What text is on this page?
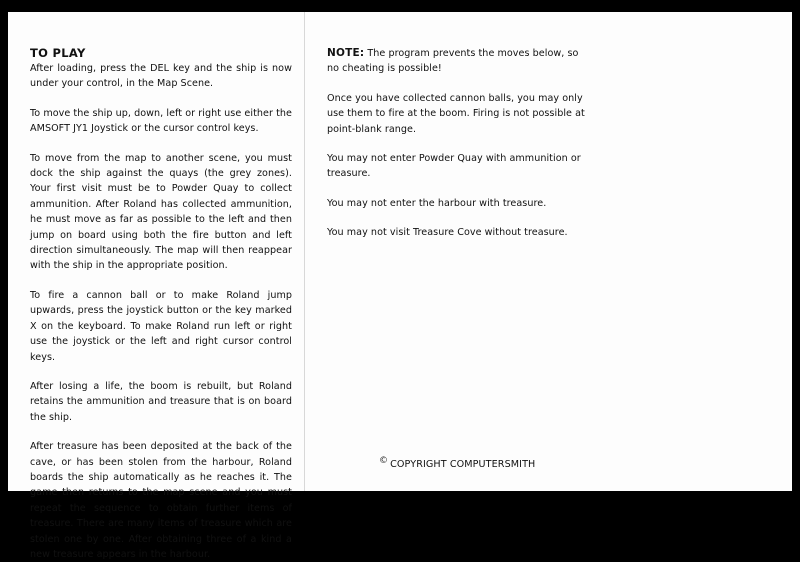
TO PLAY

After loading, press the DEL key and the ship is now under your control, in the Map Scene.

To move the ship up, down, left or right use either the AMSOFT JY1 Joystick or the cursor control keys.

To move from the map to another scene, you must dock the ship against the quays (the grey zones). Your first visit must be to Powder Quay to collect ammunition. After Roland has collected ammunition, he must move as far as possible to the left and then jump on board using both the fire button and left direction simultaneously. The map will then reappear with the ship in the appropriate position.

To fire a cannon ball or to make Roland jump upwards, press the joystick button or the key marked X on the keyboard. To make Roland run left or right use the joystick or the left and right cursor control keys.

After losing a life, the boom is rebuilt, but Roland retains the ammunition and treasure that is on board the ship.

After treasure has been deposited at the back of the cave, or has been stolen from the harbour, Roland boards the ship automatically as he reaches it. The game then returns to the map scene and you must repeat the sequence to obtain further items of treasure. There are many items of treasure which are stolen one by one. After obtaining three of a kind a new treasure appears in the harbour.

NOTE: The program prevents the moves below, so no cheating is possible!

Once you have collected cannon balls, you may only use them to fire at the boom. Firing is not possible at point-blank range.

You may not enter Powder Quay with ammunition or treasure.

You may not enter the harbour with treasure.

You may not visit Treasure Cove without treasure.

© COPYRIGHT COMPUTERSMITH
